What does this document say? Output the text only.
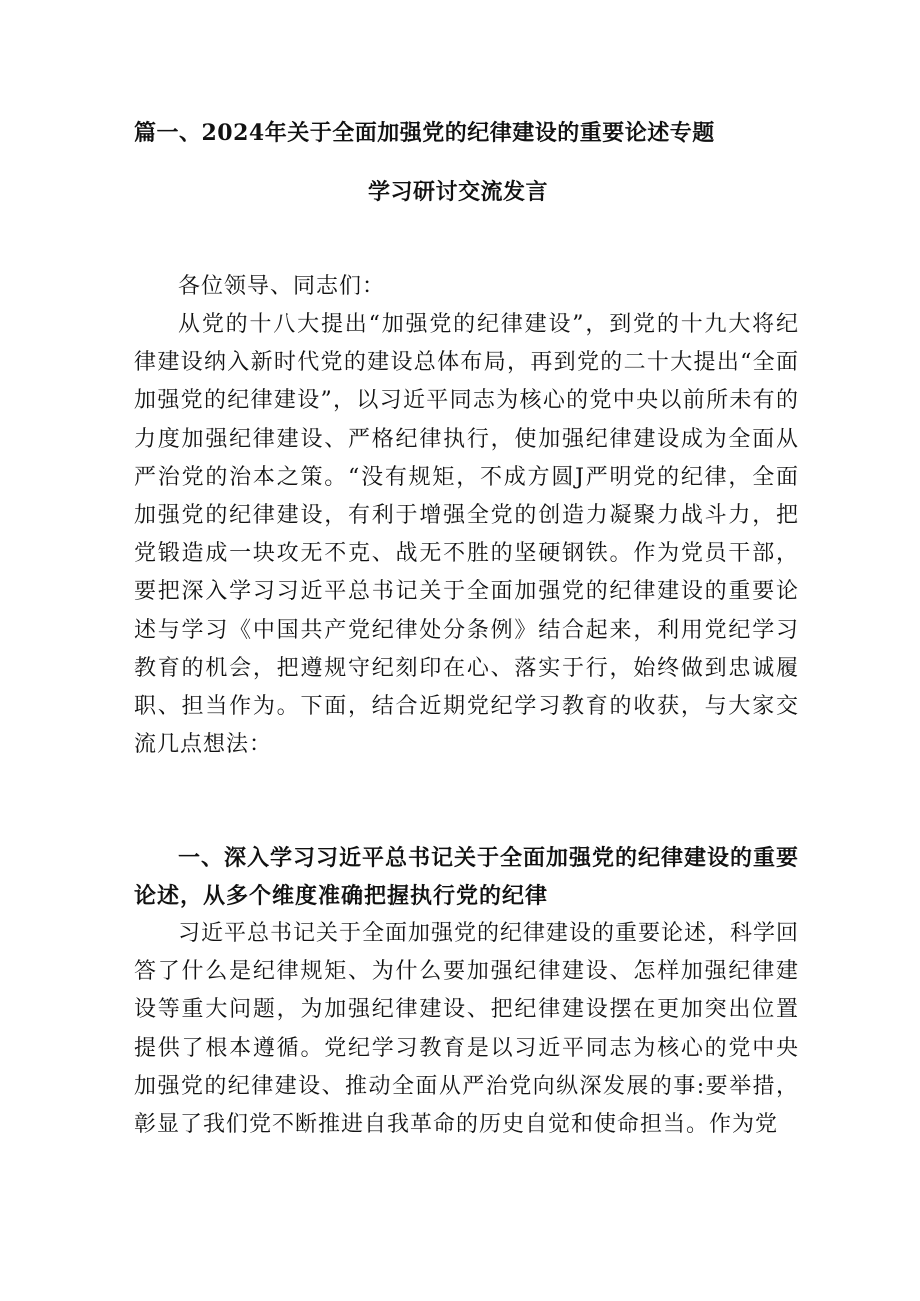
篇一、2024年关于全面加强党的纪律建设的重要论述专题
学习研讨交流发言

各位领导、同志们：

从党的十八大提出“加强党的纪律建设”，到党的十九大将纪律建设纳入新时代党的建设总体布局，再到党的二十大提出“全面加强党的纪律建设”，以习近平同志为核心的党中央以前所未有的力度加强纪律建设、严格纪律执行，使加强纪律建设成为全面从严治党的治本之策。“没有规矩，不成方圆J严明党的纪律，全面加强党的纪律建设，有利于增强全党的创造力凝聚力战斗力，把党锻造成一块攻无不克、战无不胜的坚硬钢铁。作为党员干部，要把深入学习习近平总书记关于全面加强党的纪律建设的重要论述与学习《中国共产党纪律处分条例》结合起来，利用党纪学习教育的机会，把遵规守纪刻印在心、落实于行，始终做到忠诚履职、担当作为。下面，结合近期党纪学习教育的收获，与大家交流几点想法：

一、深入学习习近平总书记关于全面加强党的纪律建设的重要论述，从多个维度准确把握执行党的纪律

习近平总书记关于全面加强党的纪律建设的重要论述，科学回答了什么是纪律规矩、为什么要加强纪律建设、怎样加强纪律建设等重大问题，为加强纪律建设、把纪律建设摆在更加突出位置提供了根本遵循。党纪学习教育是以习近平同志为核心的党中央加强党的纪律建设、推动全面从严治党向纵深发展的事:要举措，彰显了我们党不断推进自我革命的历史自觉和使命担当。作为党
